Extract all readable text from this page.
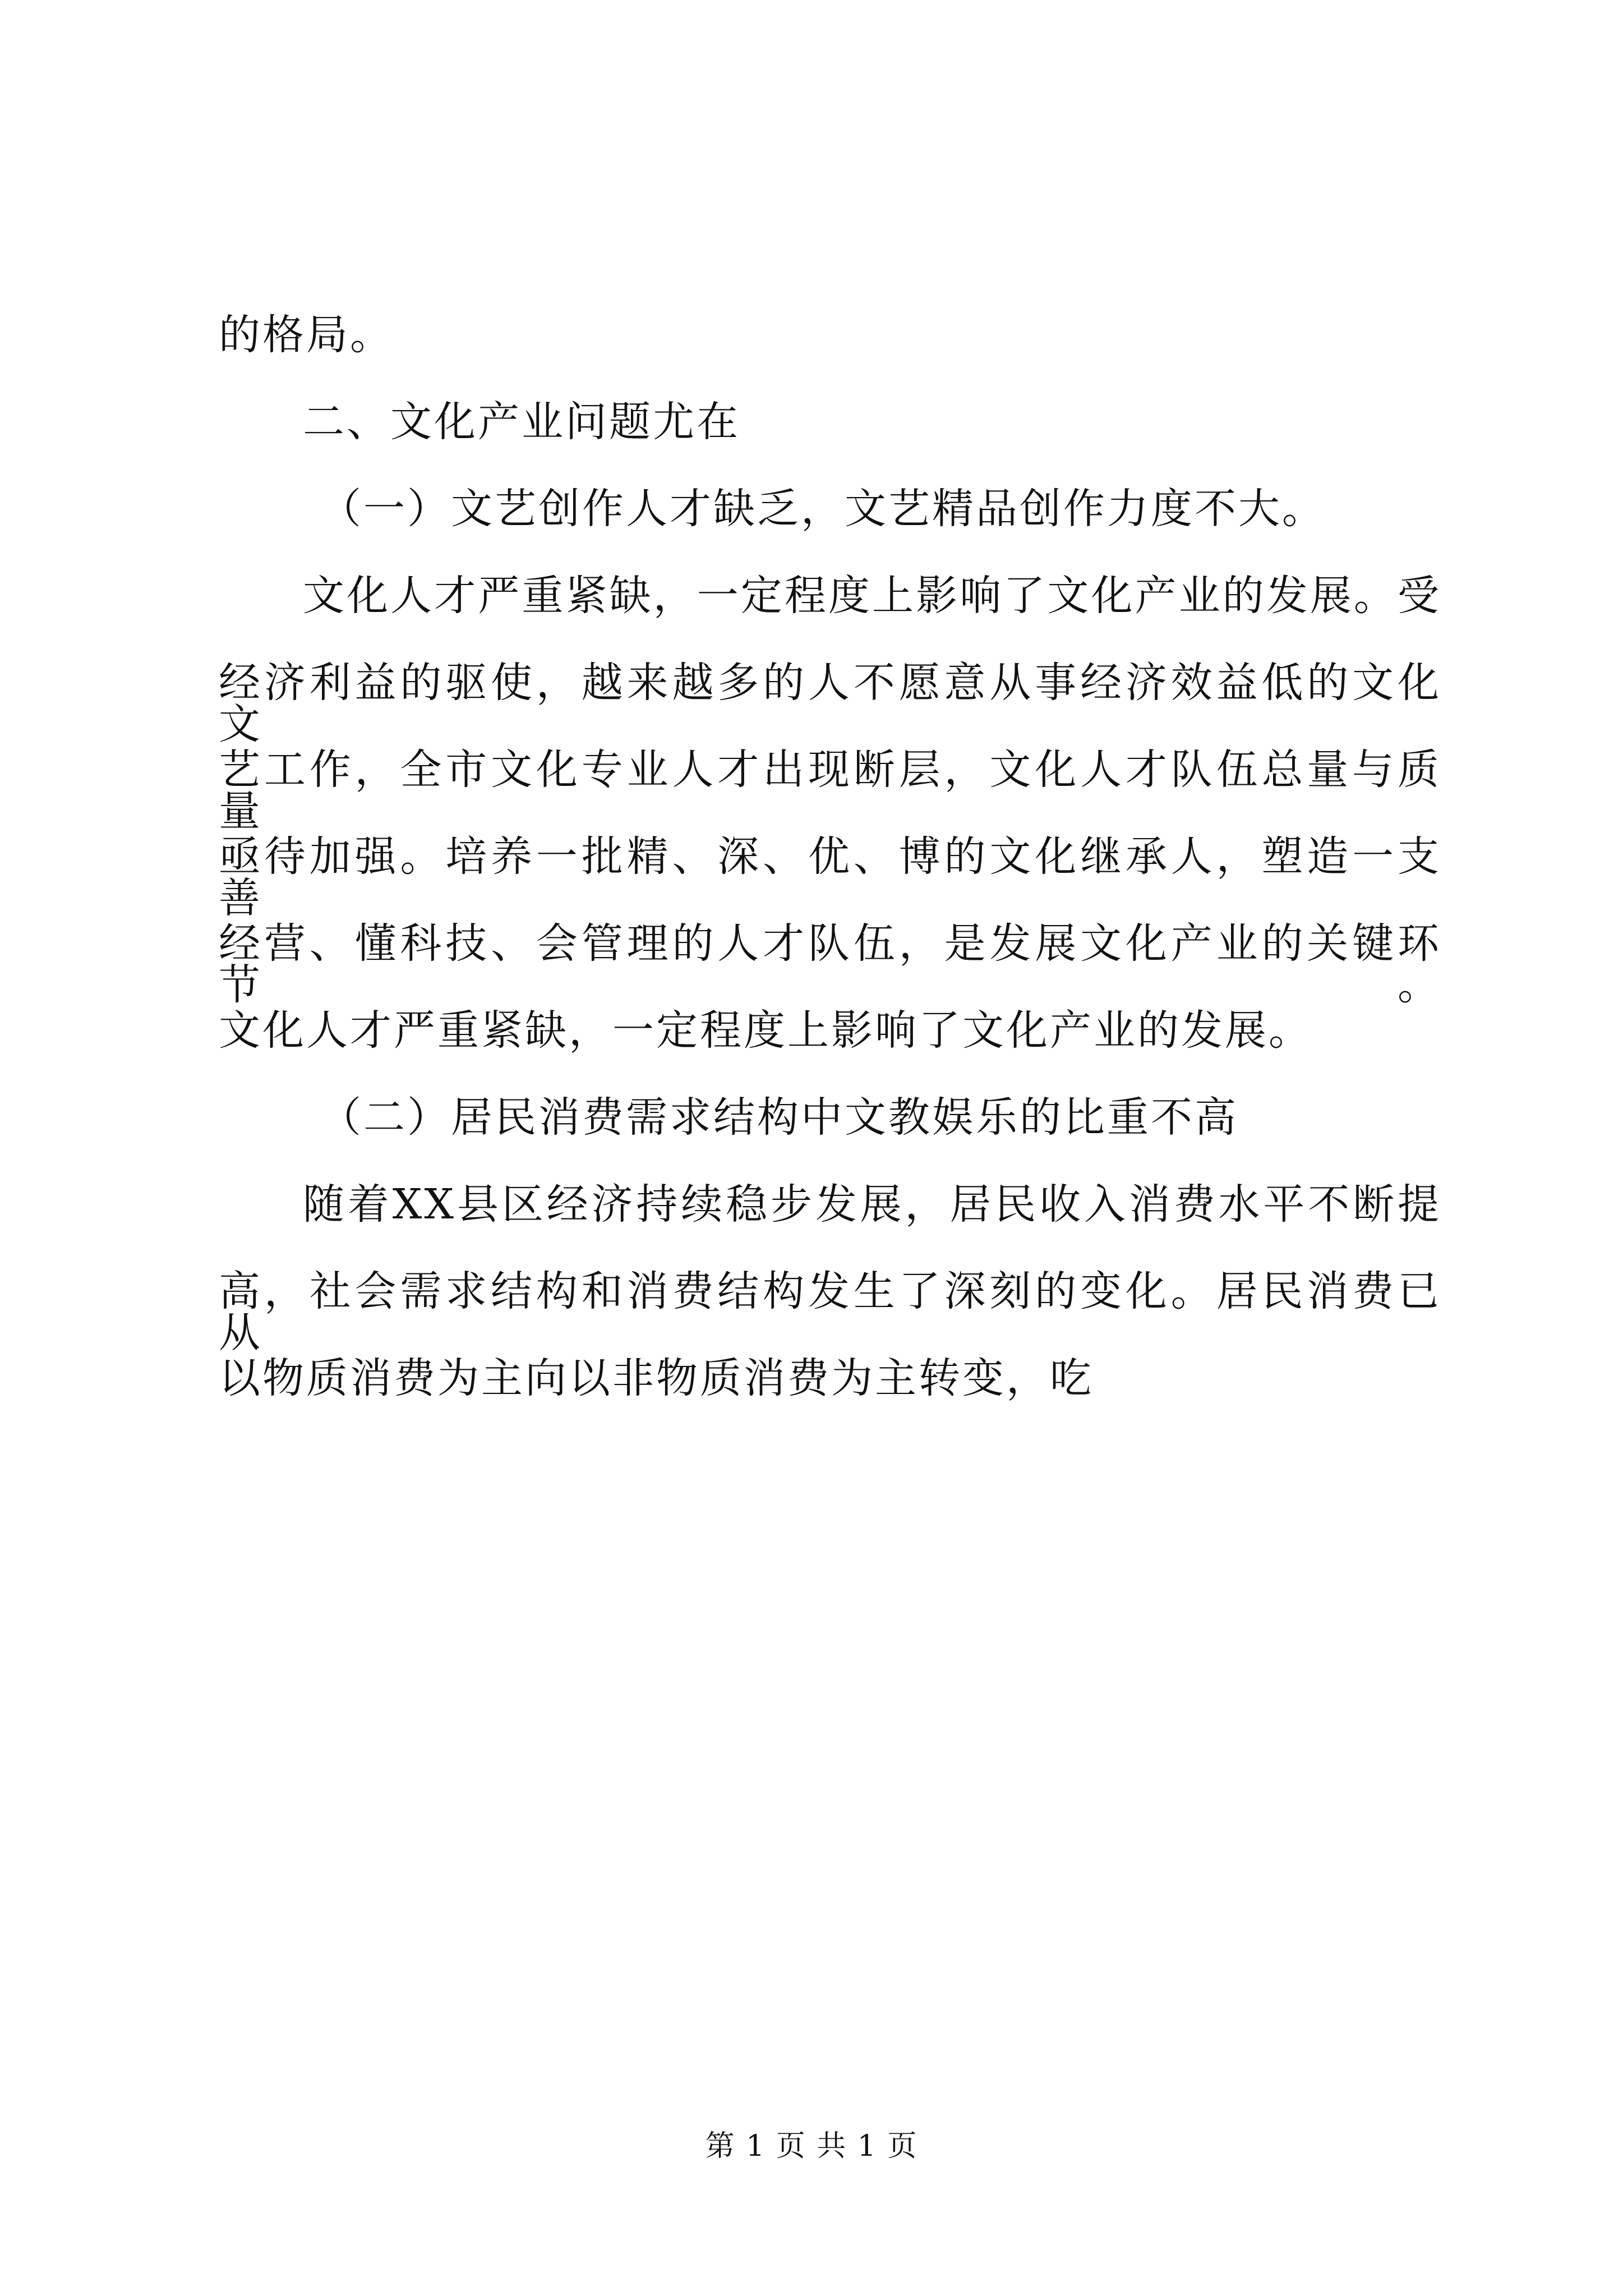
的格局。
二、文化产业问题尤在
（一）文艺创作人才缺乏，文艺精品创作力度不大。
文化人才严重紧缺，一定程度上影响了文化产业的发展。受
经济利益的驱使，越来越多的人不愿意从事经济效益低的文化文
艺工作，全市文化专业人才出现断层，文化人才队伍总量与质量
亟待加强。培养一批精、深、优、博的文化继承人，塑造一支善
经营、懂科技、会管理的人才队伍，是发展文化产业的关键环节。
文化人才严重紧缺，一定程度上影响了文化产业的发展。
（二）居民消费需求结构中文教娱乐的比重不高
随着XX县区经济持续稳步发展，居民收入消费水平不断提
高，社会需求结构和消费结构发生了深刻的变化。居民消费已从
以物质消费为主向以非物质消费为主转变，吃
第 1 页 共 1 页
